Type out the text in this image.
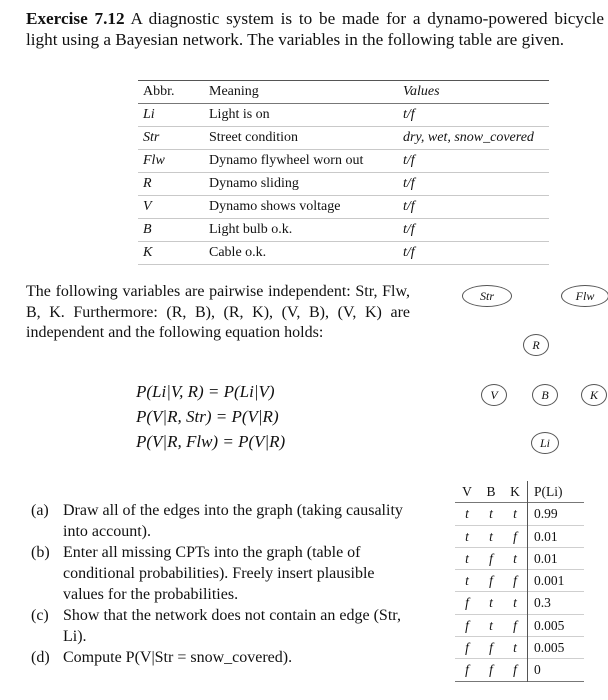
Exercise 7.12 A diagnostic system is to be made for a dynamo-powered bicycle light using a Bayesian network. The variables in the following table are given.
Abbr.	Meaning	Values
Li	Light is on	t/f
Str	Street condition	dry, wet, snow_covered
Flw	Dynamo flywheel worn out	t/f
R	Dynamo sliding	t/f
V	Dynamo shows voltage	t/f
B	Light bulb o.k.	t/f
K	Cable o.k.	t/f
The following variables are pairwise independent: Str, Flw, B, K. Furthermore: (R, B), (R, K), (V, B), (V, K) are independent and the following equation holds:
P(Li|V, R) = P(Li|V)
P(V|R, Str) = P(V|R)
P(V|R, Flw) = P(V|R)
Str	Flw
R
V	B	K
Li
V	B	K	P(Li)
t	t	t	0.99
t	t	f	0.01
t	f	t	0.01
t	f	f	0.001
f	t	t	0.3
f	t	f	0.005
f	f	t	0.005
f	f	f	0
(a) Draw all of the edges into the graph (taking causality into account).
(b) Enter all missing CPTs into the graph (table of conditional probabilities). Freely insert plausible values for the probabilities.
(c) Show that the network does not contain an edge (Str, Li).
(d) Compute P(V|Str = snow_covered).
